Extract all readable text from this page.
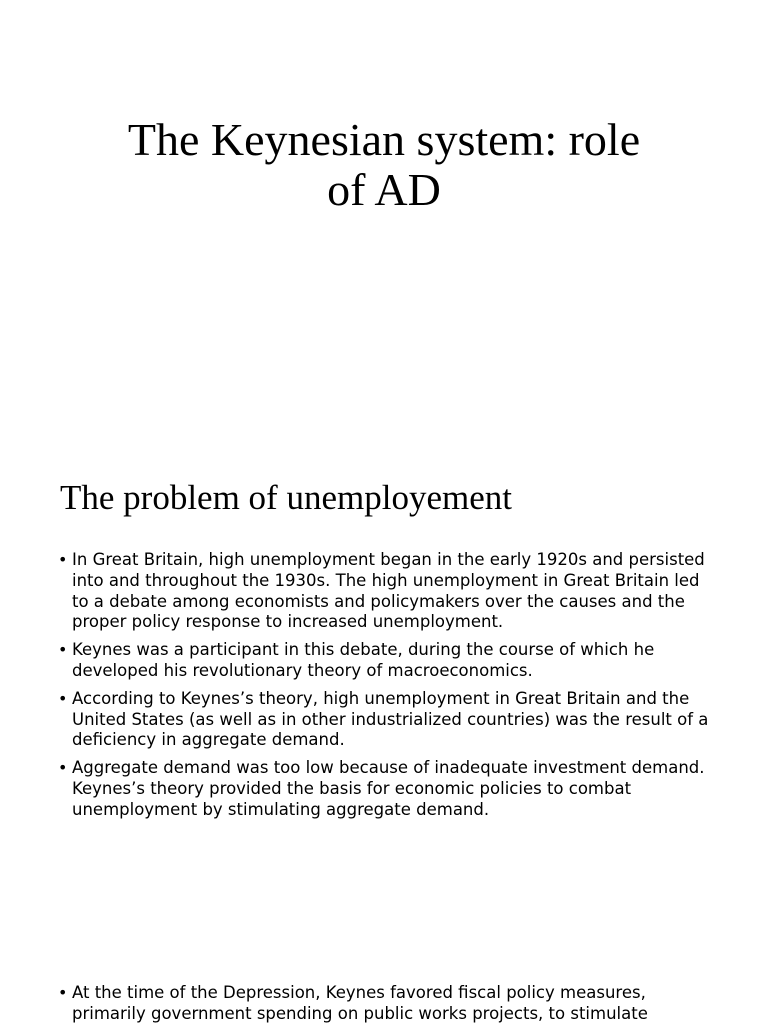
The Keynesian system: role
of AD
The problem of unemployement
• In Great Britain, high unemployment began in the early 1920s and persisted into and throughout the 1930s. The high unemployment in Great Britain led to a debate among economists and policymakers over the causes and the proper policy response to increased unemployment.
• Keynes was a participant in this debate, during the course of which he developed his revolutionary theory of macroeconomics.
• According to Keynes’s theory, high unemployment in Great Britain and the United States (as well as in other industrialized countries) was the result of a deficiency in aggregate demand.
• Aggregate demand was too low because of inadequate investment demand. Keynes’s theory provided the basis for economic policies to combat unemployment by stimulating aggregate demand.
• At the time of the Depression, Keynes favored fiscal policy measures, primarily government spending on public works projects, to stimulate
